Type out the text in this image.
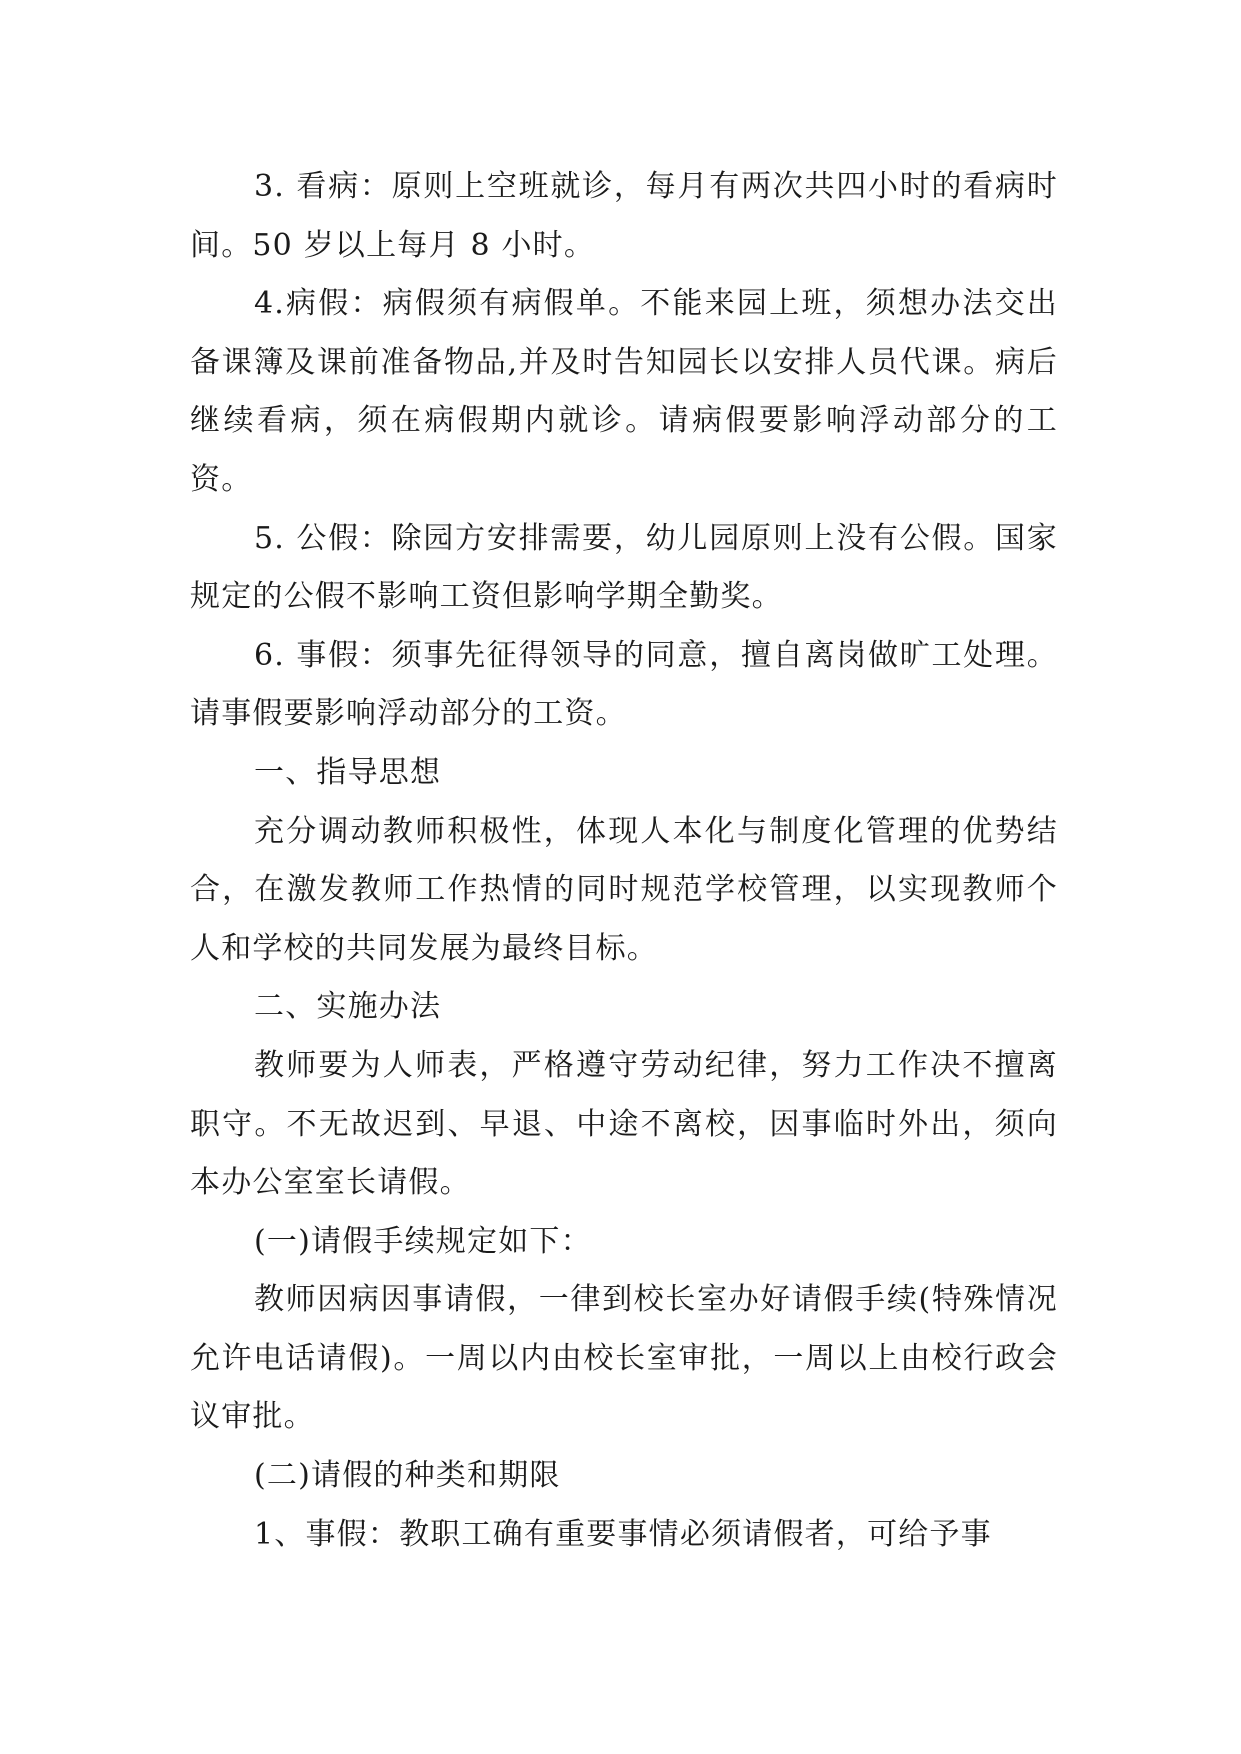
3. 看病：原则上空班就诊，每月有两次共四小时的看病时间。50 岁以上每月 8 小时。

4.病假：病假须有病假单。不能来园上班，须想办法交出备课簿及课前准备物品,并及时告知园长以安排人员代课。病后继续看病，须在病假期内就诊。请病假要影响浮动部分的工资。

5. 公假：除园方安排需要，幼儿园原则上没有公假。国家规定的公假不影响工资但影响学期全勤奖。

6. 事假：须事先征得领导的同意，擅自离岗做旷工处理。请事假要影响浮动部分的工资。

一、指导思想

充分调动教师积极性，体现人本化与制度化管理的优势结合，在激发教师工作热情的同时规范学校管理，以实现教师个人和学校的共同发展为最终目标。

二、实施办法

教师要为人师表，严格遵守劳动纪律，努力工作决不擅离职守。不无故迟到、早退、中途不离校，因事临时外出，须向本办公室室长请假。

(一)请假手续规定如下：

教师因病因事请假，一律到校长室办好请假手续(特殊情况允许电话请假)。一周以内由校长室审批，一周以上由校行政会议审批。

(二)请假的种类和期限

1、事假：教职工确有重要事情必须请假者，可给予事
